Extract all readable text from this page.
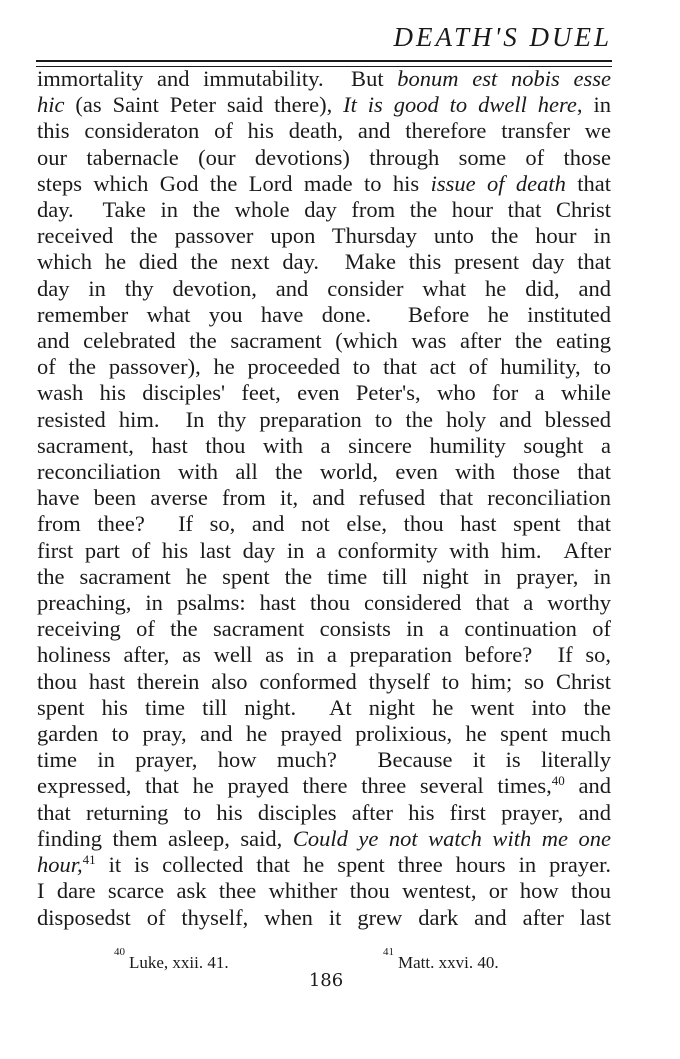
DEATH'S DUEL
immortality and immutability.  But bonum est nobis esse
hic (as Saint Peter said there), It is good to dwell here, in
this consideraton of his death, and therefore transfer we
our tabernacle (our devotions) through some of those
steps which God the Lord made to his issue of death that
day.  Take in the whole day from the hour that Christ
received the passover upon Thursday unto the hour in
which he died the next day.  Make this present day that
day in thy devotion, and consider what he did, and
remember what you have done.  Before he instituted
and celebrated the sacrament (which was after the eating
of the passover), he proceeded to that act of humility, to
wash his disciples' feet, even Peter's, who for a while
resisted him.  In thy preparation to the holy and blessed
sacrament, hast thou with a sincere humility sought a
reconciliation with all the world, even with those that
have been averse from it, and refused that reconciliation
from thee?  If so, and not else, thou hast spent that
first part of his last day in a conformity with him.  After
the sacrament he spent the time till night in prayer, in
preaching, in psalms: hast thou considered that a worthy
receiving of the sacrament consists in a continuation of
holiness after, as well as in a preparation before?  If so,
thou hast therein also conformed thyself to him; so Christ
spent his time till night.  At night he went into the
garden to pray, and he prayed prolixious, he spent much
time in prayer, how much?  Because it is literally
expressed, that he prayed there three several times,$^{40}$ and
that returning to his disciples after his first prayer, and
finding them asleep, said, Could ye not watch with me one
hour,$^{41}$ it is collected that he spent three hours in prayer.
I dare scarce ask thee whither thou wentest, or how thou
disposedst of thyself, when it grew dark and after last
$^{40}$Luke, xxii. 41.
$^{41}$Matt. xxvi. 40.
186
